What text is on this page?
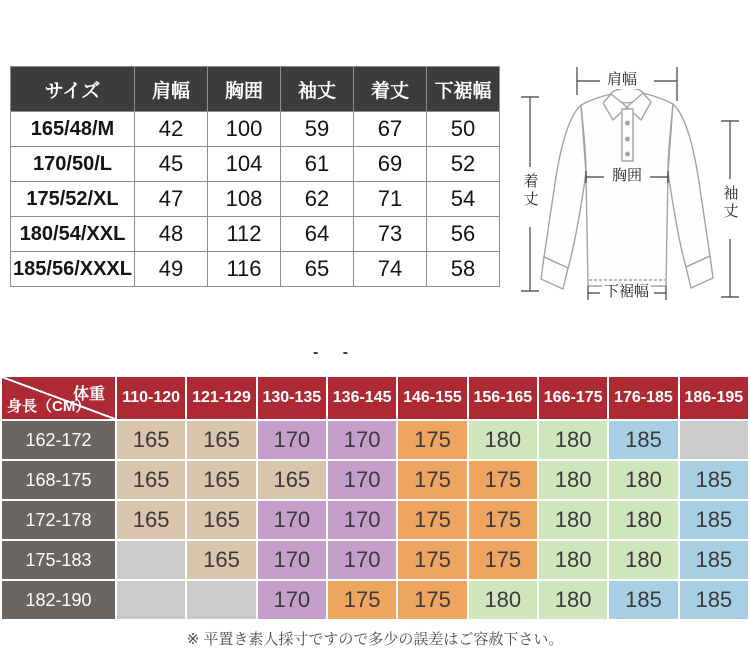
サイズ	肩幅	胸囲	袖丈	着丈	下裾幅
165/48/M	42	100	59	67	50
170/50/L	45	104	61	69	52
175/52/XL	47	108	62	71	54
180/54/XXL	48	112	64	73	56
185/56/XXXL	49	116	65	74	58
肩幅
着丈	袖丈
胸囲
下裾幅
- -
体重
身長（CM）	110-120	121-129	130-135	136-145	146-155	156-165	166-175	176-185	186-195
162-172	165	165	170	170	175	180	180	185	
168-175	165	165	165	170	175	175	180	180	185
172-178	165	165	170	170	175	175	180	180	185
175-183		165	170	170	175	175	180	180	185
182-190			170	175	175	180	180	185	185
※ 平置き素人採寸ですので多少の誤差はご容赦下さい。
